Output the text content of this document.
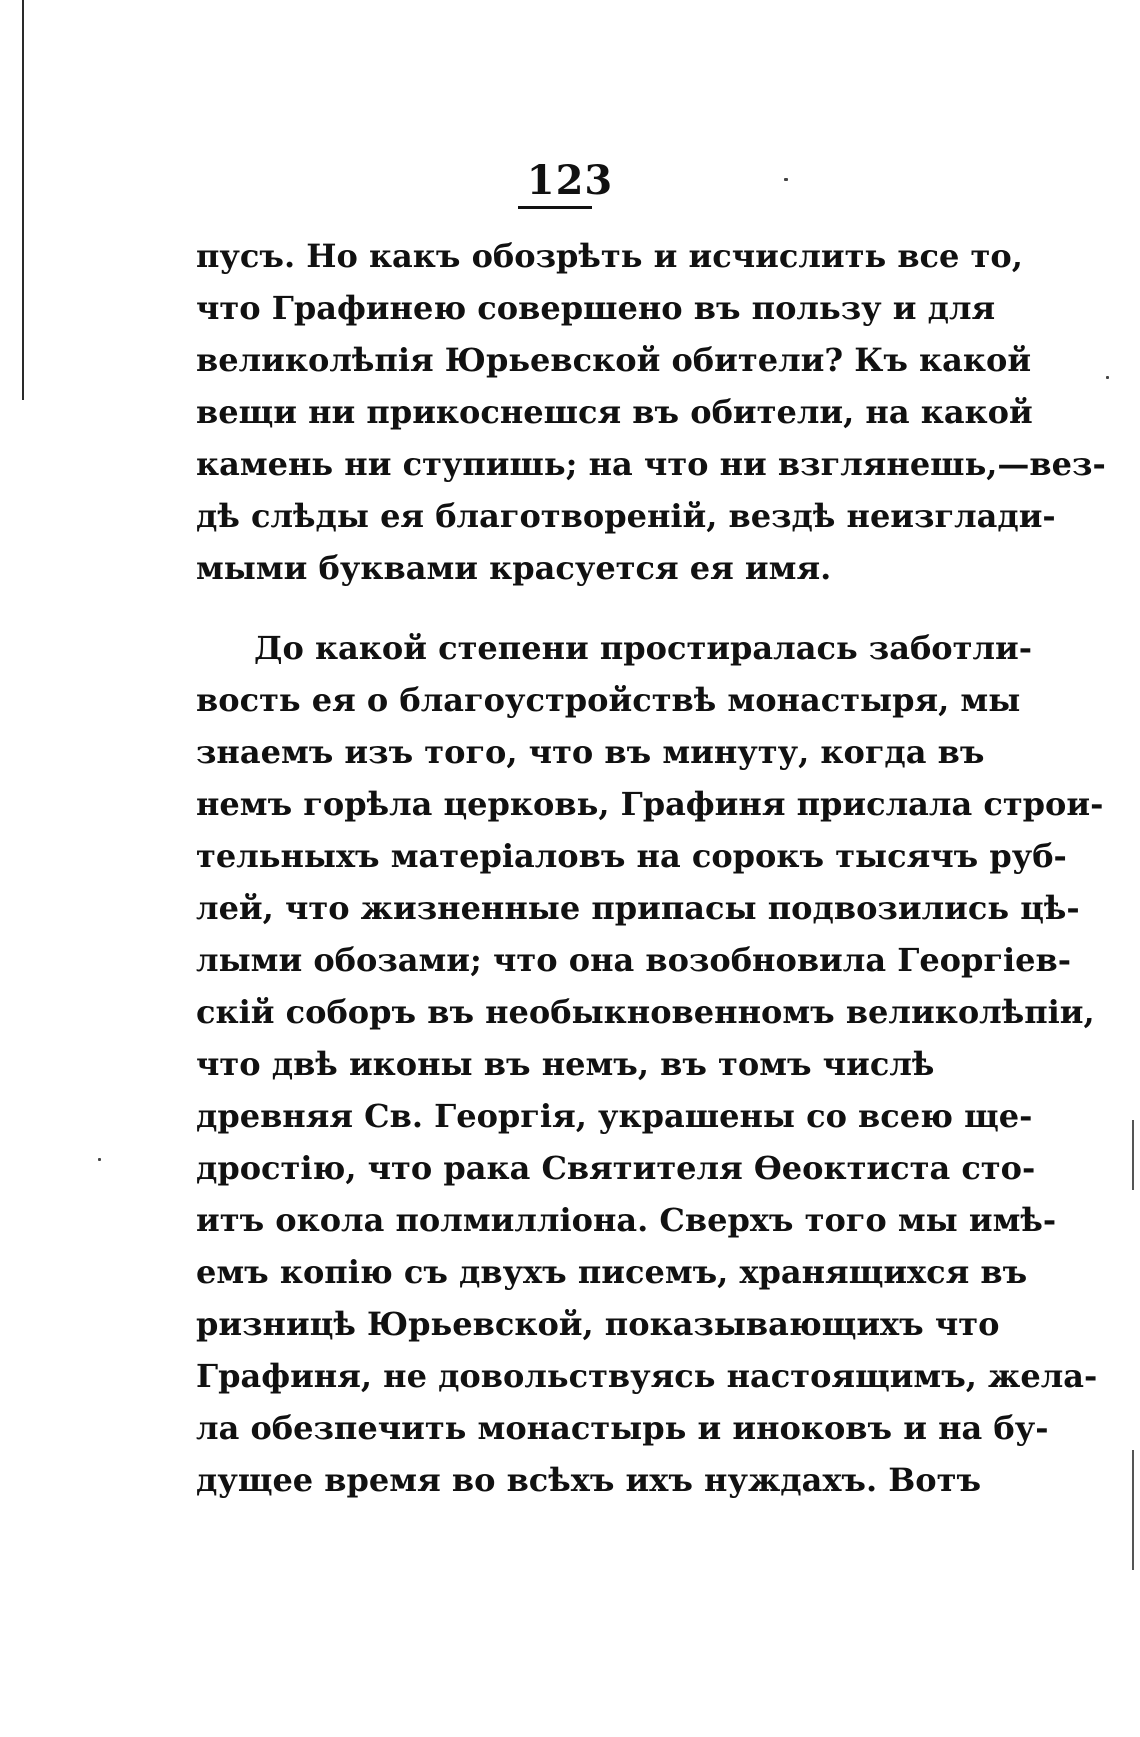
123
пусъ. Но какъ обозрѣть и исчислить все то,
что Графинею совершено въ пользу и для
великолѣпія Юрьевской обители? Къ какой
вещи ни прикоснешся въ обители, на какой
камень ни ступишь; на что ни взглянешь,—вез-
дѣ слѣды ея благотвореній, вездѣ неизглади-
мыми буквами красуется ея имя.
До какой степени простиралась заботли-
вость ея о благоустройствѣ монастыря, мы
знаемъ изъ того, что въ минуту, когда въ
немъ горѣла церковь, Графиня прислала строи-
тельныхъ матеріаловъ на сорокъ тысячъ руб-
лей, что жизненные припасы подвозились цѣ-
лыми обозами; что она возобновила Георгіев-
скій соборъ въ необыкновенномъ великолѣпіи,
что двѣ иконы въ немъ, въ томъ числѣ
древняя Св. Георгія, украшены со всею ще-
дростію, что рака Святителя Ѳеоктиста сто-
итъ окола полмилліона. Сверхъ того мы имѣ-
емъ копію съ двухъ писемъ, хранящихся въ
ризницѣ Юрьевской, показывающихъ что
Графиня, не довольствуясь настоящимъ, жела-
ла обезпечить монастырь и иноковъ и на бу-
дущее время во всѣхъ ихъ нуждахъ. Вотъ
